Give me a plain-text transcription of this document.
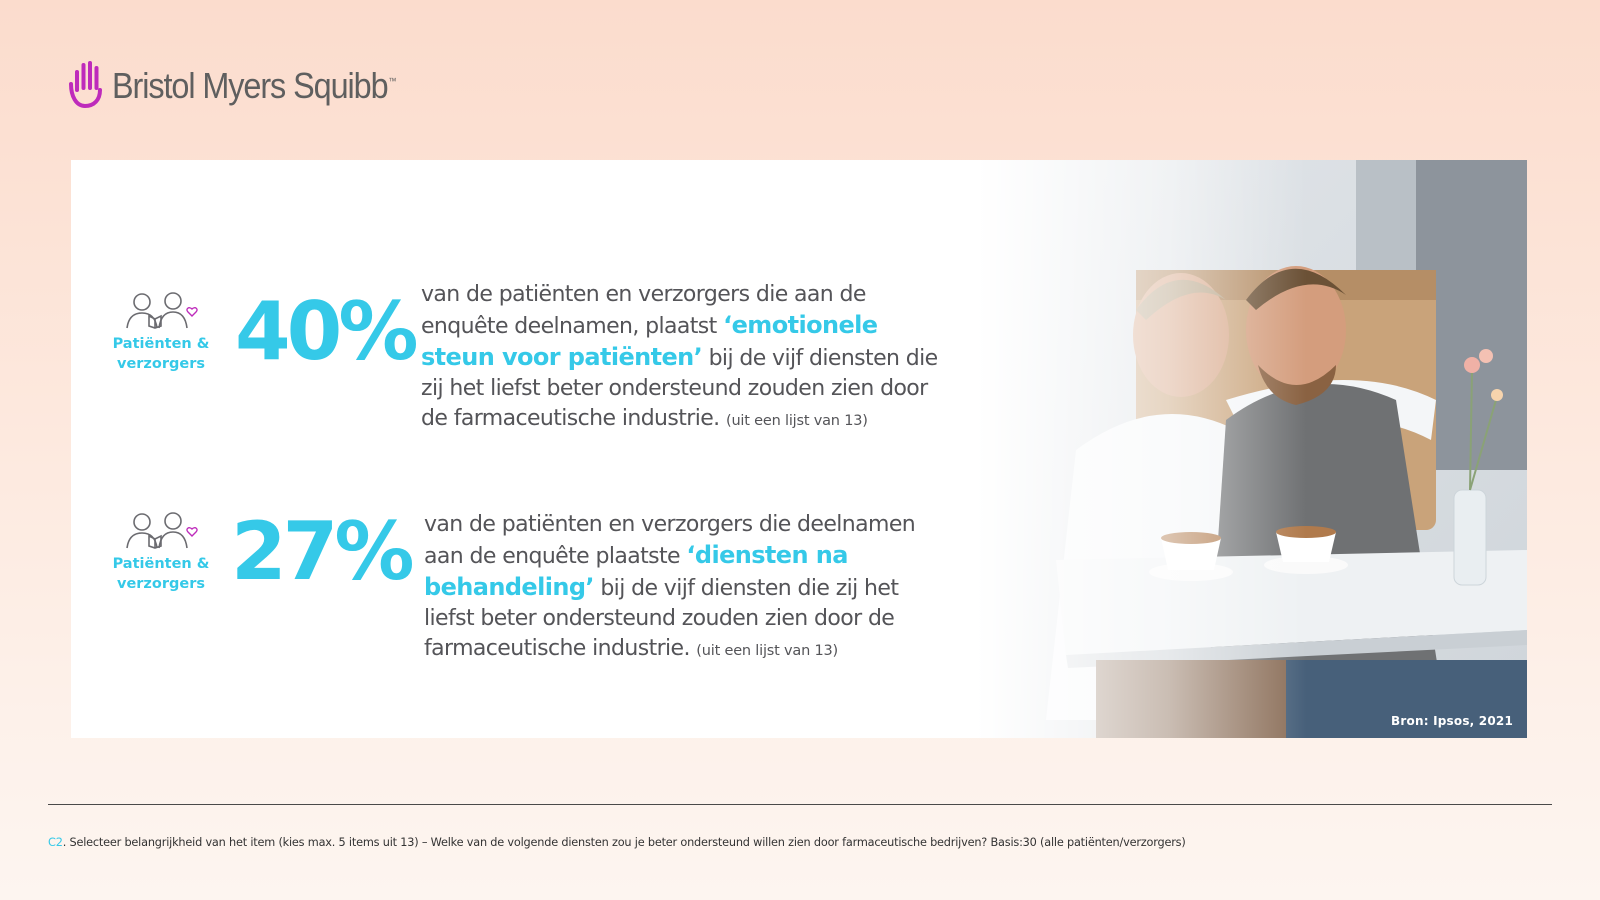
Bristol Myers Squibb™
Bron: Ipsos, 2021
Patiënten &
verzorgers 40% van de patiënten en verzorgers die aan de enquête deelnamen, plaatst ‘emotionele steun voor patiënten’ bij de vijf diensten die zij het liefst beter ondersteund zouden zien door de farmaceutische industrie. (uit een lijst van 13)
Patiënten &
verzorgers 27% van de patiënten en verzorgers die deelnamen aan de enquête plaatste ‘diensten na behandeling’ bij de vijf diensten die zij het liefst beter ondersteund zouden zien door de farmaceutische industrie. (uit een lijst van 13)
C2. Selecteer belangrijkheid van het item (kies max. 5 items uit 13) – Welke van de volgende diensten zou je beter ondersteund willen zien door farmaceutische bedrijven? Basis:30 (alle patiënten/verzorgers)
